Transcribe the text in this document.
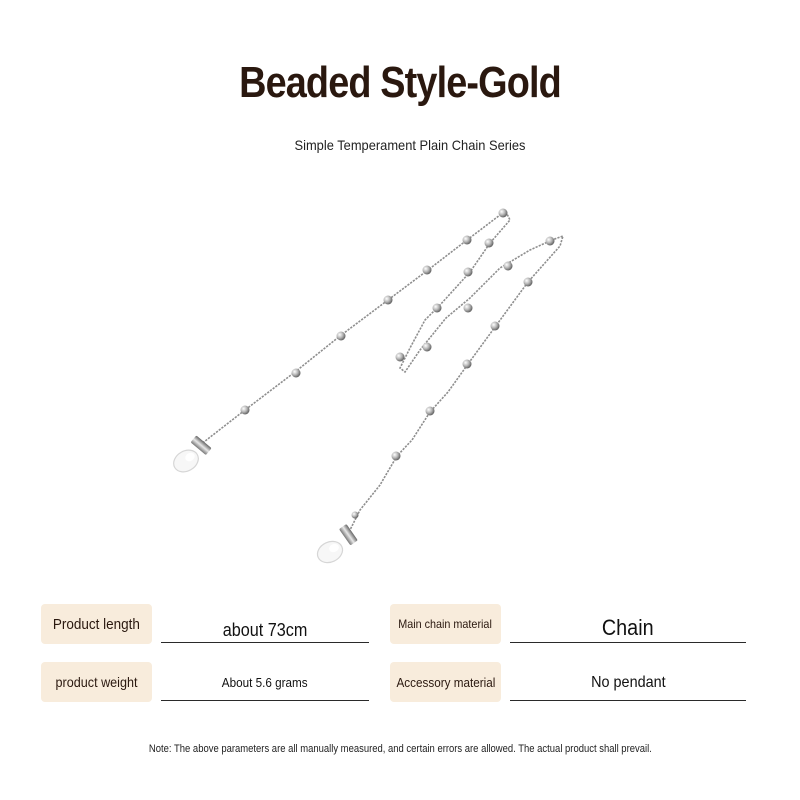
Beaded Style-Gold
Simple Temperament Plain Chain Series
Product length	about 73cm	Main chain material	Chain
product weight	About 5.6 grams	Accessory material	No pendant
Note: The above parameters are all manually measured, and certain errors are allowed. The actual product shall prevail.
